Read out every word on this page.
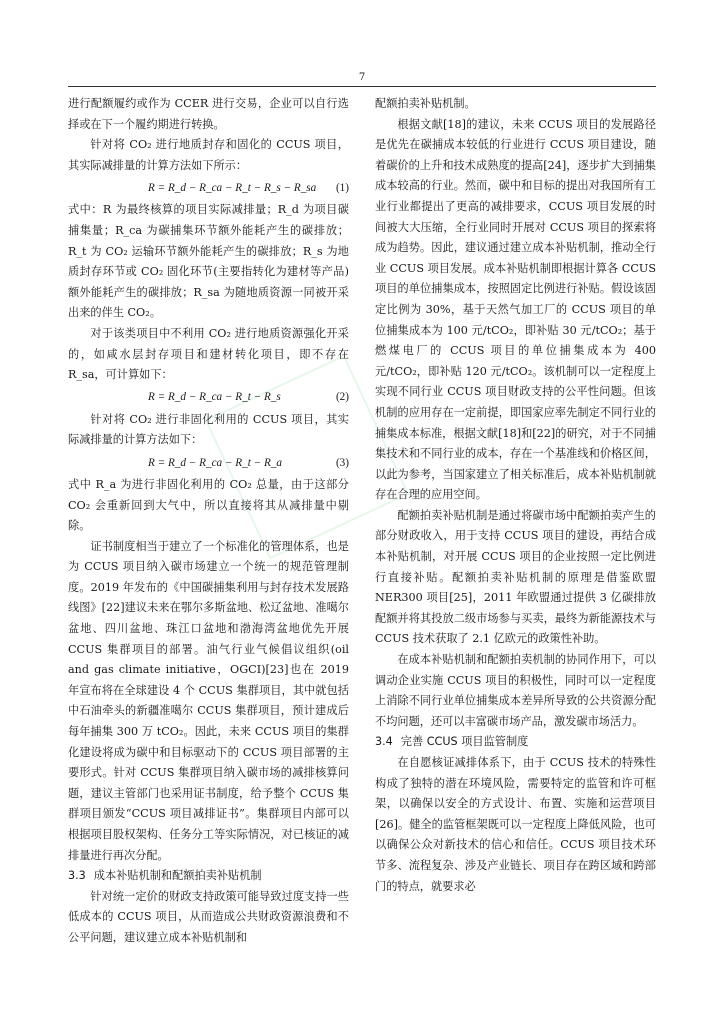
7

进行配额履约或作为 CCER 进行交易，企业可以自行选择或在下一个履约期进行转换。

针对将 CO₂ 进行地质封存和固化的 CCUS 项目，其实际减排量的计算方法如下所示：

R = R_d − R_ca − R_t − R_s − R_sa (1)

式中：R 为最终核算的项目实际减排量；R_d 为项目碳捕集量；R_ca 为碳捕集环节额外能耗产生的碳排放；R_t 为 CO₂ 运输环节额外能耗产生的碳排放；R_s 为地质封存环节或 CO₂ 固化环节(主要指转化为建材等产品)额外能耗产生的碳排放；R_sa 为随地质资源一同被开采出来的伴生 CO₂。

对于该类项目中不利用 CO₂ 进行地质资源强化开采的，如咸水层封存项目和建材转化项目，即不存在 R_sa，可计算如下：

R = R_d − R_ca − R_t − R_s	(2)

针对将 CO₂ 进行非固化利用的 CCUS 项目，其实际减排量的计算方法如下：

R = R_d − R_ca − R_t − R_a	(3)

式中 R_a 为进行非固化利用的 CO₂ 总量，由于这部分 CO₂ 会重新回到大气中，所以直接将其从减排量中剔除。

证书制度相当于建立了一个标准化的管理体系，也是为 CCUS 项目纳入碳市场建立一个统一的规范管理制度。2019 年发布的《中国碳捕集利用与封存技术发展路线图》[22]建议未来在鄂尔多斯盆地、松辽盆地、准噶尔盆地、四川盆地、珠江口盆地和渤海湾盆地优先开展 CCUS 集群项目的部署。油气行业气候倡议组织(oil and gas climate initiative，OGCI)[23]也在 2019 年宣布将在全球建设 4 个 CCUS 集群项目，其中就包括中石油牵头的新疆准噶尔 CCUS 集群项目，预计建成后每年捕集 300 万 tCO₂。因此，未来 CCUS 项目的集群化建设将成为碳中和目标驱动下的 CCUS 项目部署的主要形式。针对 CCUS 集群项目纳入碳市场的减排核算问题，建议主管部门也采用证书制度，给予整个 CCUS 集群项目颁发“CCUS 项目减排证书”。集群项目内部可以根据项目股权架构、任务分工等实际情况，对已核证的减排量进行再次分配。

3.3 成本补贴机制和配额拍卖补贴机制

针对统一定价的财政支持政策可能导致过度支持一些低成本的 CCUS 项目，从而造成公共财政资源浪费和不公平问题，建议建立成本补贴机制和

配额拍卖补贴机制。

根据文献[18]的建议，未来 CCUS 项目的发展路径是优先在碳捕成本较低的行业进行 CCUS 项目建设，随着碳价的上升和技术成熟度的提高[24]，逐步扩大到捕集成本较高的行业。然而，碳中和目标的提出对我国所有工业行业都提出了更高的减排要求，CCUS 项目发展的时间被大大压缩，全行业同时开展对 CCUS 项目的探索将成为趋势。因此，建议通过建立成本补贴机制，推动全行业 CCUS 项目发展。成本补贴机制即根据计算各 CCUS 项目的单位捕集成本，按照固定比例进行补贴。假设该固定比例为 30%，基于天然气加工厂的 CCUS 项目的单位捕集成本为 100 元/tCO₂，即补贴 30 元/tCO₂；基于燃煤电厂的 CCUS 项目的单位捕集成本为 400 元/tCO₂，即补贴 120 元/tCO₂。该机制可以一定程度上实现不同行业 CCUS 项目财政支持的公平性问题。但该机制的应用存在一定前提，即国家应率先制定不同行业的捕集成本标准，根据文献[18]和[22]的研究，对于不同捕集技术和不同行业的成本，存在一个基准线和价格区间，以此为参考，当国家建立了相关标准后，成本补贴机制就存在合理的应用空间。

配额拍卖补贴机制是通过将碳市场中配额拍卖产生的部分财政收入，用于支持 CCUS 项目的建设，再结合成本补贴机制，对开展 CCUS 项目的企业按照一定比例进行直接补贴。配额拍卖补贴机制的原理是借鉴欧盟 NER300 项目[25]，2011 年欧盟通过提供 3 亿碳排放配额并将其投放二级市场参与买卖，最终为新能源技术与 CCUS 技术获取了 2.1 亿欧元的政策性补助。

在成本补贴机制和配额拍卖机制的协同作用下，可以调动企业实施 CCUS 项目的积极性，同时可以一定程度上消除不同行业单位捕集成本差异所导致的公共资源分配不均问题，还可以丰富碳市场产品，激发碳市场活力。

3.4 完善 CCUS 项目监管制度

在自愿核证减排体系下，由于 CCUS 技术的特殊性构成了独特的潜在环境风险，需要特定的监管和许可框架，以确保以安全的方式设计、布置、实施和运营项目[26]。健全的监管框架既可以一定程度上降低风险，也可以确保公众对新技术的信心和信任。CCUS 项目技术环节多、流程复杂、涉及产业链长、项目存在跨区域和跨部门的特点，就要求必
